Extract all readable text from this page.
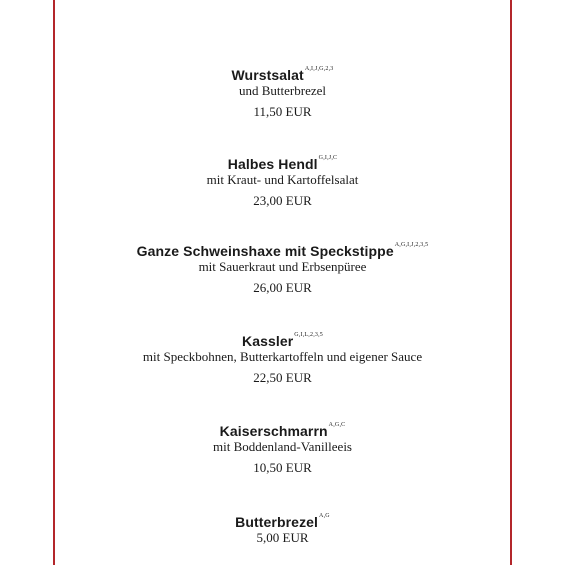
Wurstsalat$^{A,I,J,G,2,3}$
und Butterbrezel
11,50 EUR
Halbes Hendl$^{G,I,J,C}$
mit Kraut- und Kartoffelsalat
23,00 EUR
Ganze Schweinshaxe mit Speckstippe$^{A,G,I,J,2,3,5}$
mit Sauerkraut und Erbsenpüree
26,00 EUR
Kassler$^{G,I,L,2,3,5}$
mit Speckbohnen, Butterkartoffeln und eigener Sauce
22,50 EUR
Kaiserschmarrn$^{A,G,C}$
mit Boddenland-Vanilleeis
10,50 EUR
Butterbrezel$^{A,G}$
5,00 EUR
